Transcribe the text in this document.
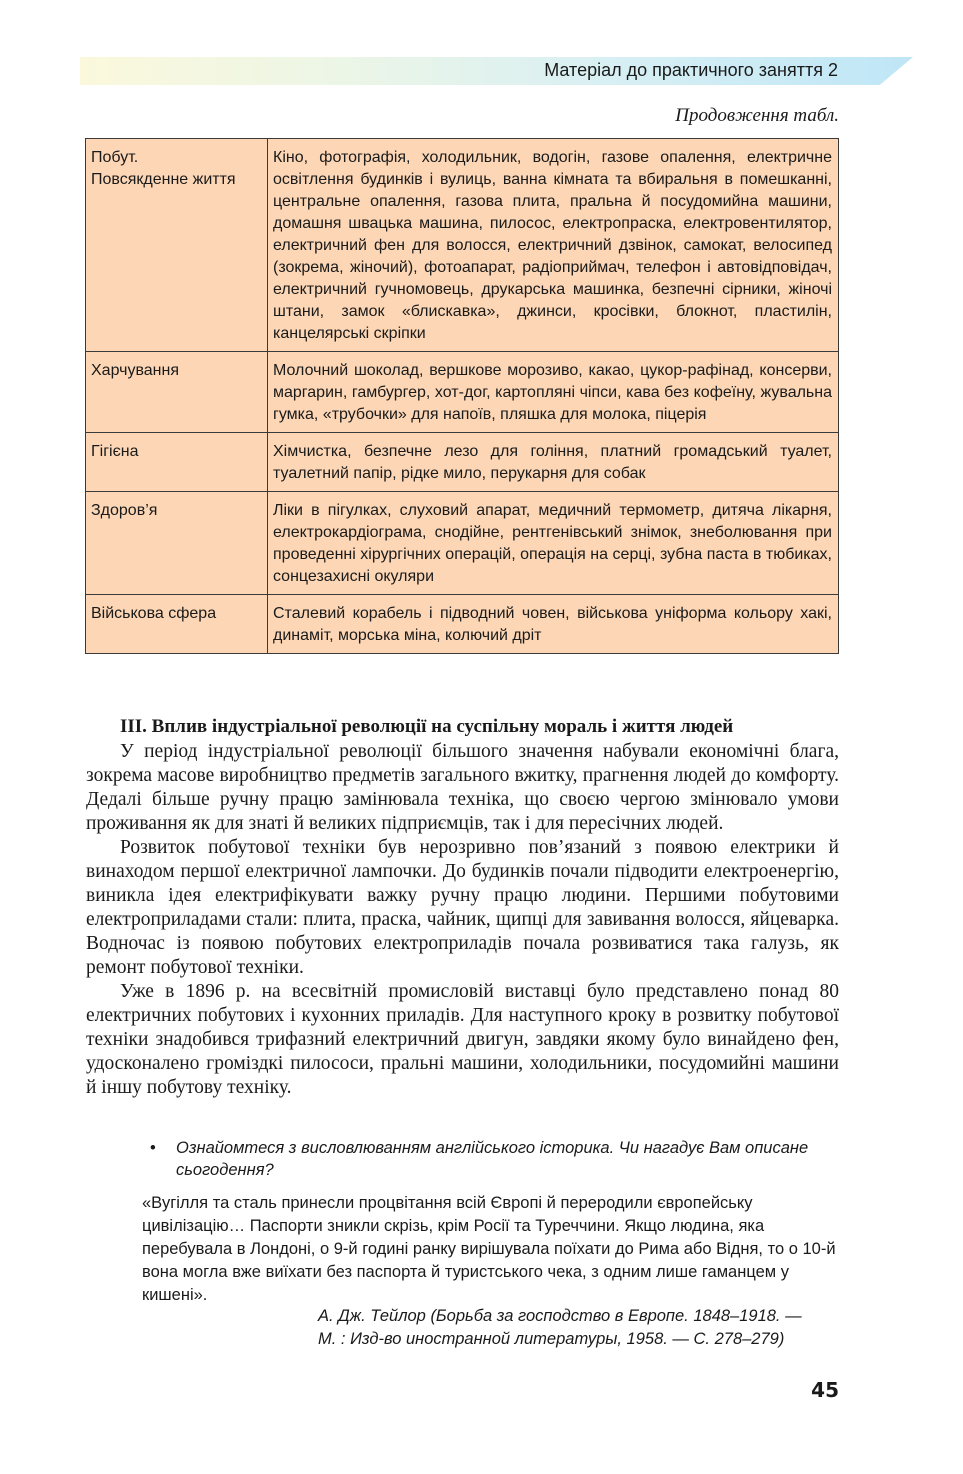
Матеріал до практичного заняття 2
Продовження табл.
Побут.
Повсякденне життя	Кіно, фотографія, холодильник, водогін, газове опалення, електричне освітлення будинків і вулиць, ванна кімната та вбиральня в помешканні, центральне опалення, газова плита, пральна й посудомийна машини, домашня швацька машина, пилосос, електропраска, електровентилятор, електричний фен для волосся, електричний дзвінок, самокат, велосипед (зокрема, жіночий), фотоапарат, радіоприймач, телефон і автовідповідач, електричний гучномовець, друкарська машинка, безпечні сірники, жіночі штани, замок «блискавка», джинси, кросівки, блокнот, пластилін, канцелярські скріпки
Харчування	Молочний шоколад, вершкове морозиво, какао, цукор-рафінад, консерви, маргарин, гамбургер, хот-дог, картопляні чіпси, кава без кофеїну, жувальна гумка, «трубочки» для напоїв, пляшка для молока, піцерія
Гігієна	Хімчистка, безпечне лезо для гоління, платний громадський туалет, туалетний папір, рідке мило, перукарня для собак
Здоров’я	Ліки в пігулках, слуховий апарат, медичний термометр, дитяча лікарня, електрокардіограма, снодійне, рентгенівський знімок, знеболювання при проведенні хірургічних операцій, операція на серці, зубна паста в тюбиках, сонцезахисні окуляри
Військова сфера	Сталевий корабель і підводний човен, військова уніформа кольору хакі, динаміт, морська міна, колючий дріт
ІІІ. Вплив індустріальної революції на суспільну мораль і життя людей

У період індустріальної революції більшого значення набували економічні блага, зокрема масове виробництво предметів загального вжитку, прагнення людей до комфорту. Дедалі більше ручну працю замінювала техніка, що своєю чергою змінювало умови проживання як для знаті й великих підприємців, так і для пересічних людей.

Розвиток побутової техніки був нерозривно пов’язаний з появою електрики й винаходом першої електричної лампочки. До будинків почали підводити електроенергію, виникла ідея електрифікувати важку ручну працю людини. Першими побутовими електроприладами стали: плита, праска, чайник, щипці для завивання волосся, яйцеварка. Водночас із появою побутових електроприладів почала розвиватися така галузь, як ремонт побутової техніки.

Уже в 1896 р. на всесвітній промисловій виставці було представлено понад 80 електричних побутових і кухонних приладів. Для наступного кроку в розвитку побутової техніки знадобився трифазний електричний двигун, завдяки якому було винайдено фен, удосконалено громіздкі пилососи, пральні машини, холодильники, посудомийні машини й іншу побутову техніку.

• Ознайомтеся з висловлюванням англійського історика. Чи нагадує Вам описане сьогодення?
«Вугілля та сталь принесли процвітання всій Європі й переродили європейську цивілізацію… Паспорти зникли скрізь, крім Росії та Туреччини. Якщо людина, яка перебувала в Лондоні, о 9-й годині ранку вирішувала поїхати до Рима або Відня, то о 10-й вона могла вже виїхати без паспорта й туристського чека, з одним лише гаманцем у кишені».
А. Дж. Тейлор (Борьба за господство в Европе. 1848–1918. —
М. : Изд-во иностранной литературы, 1958. — С. 278–279)
45
